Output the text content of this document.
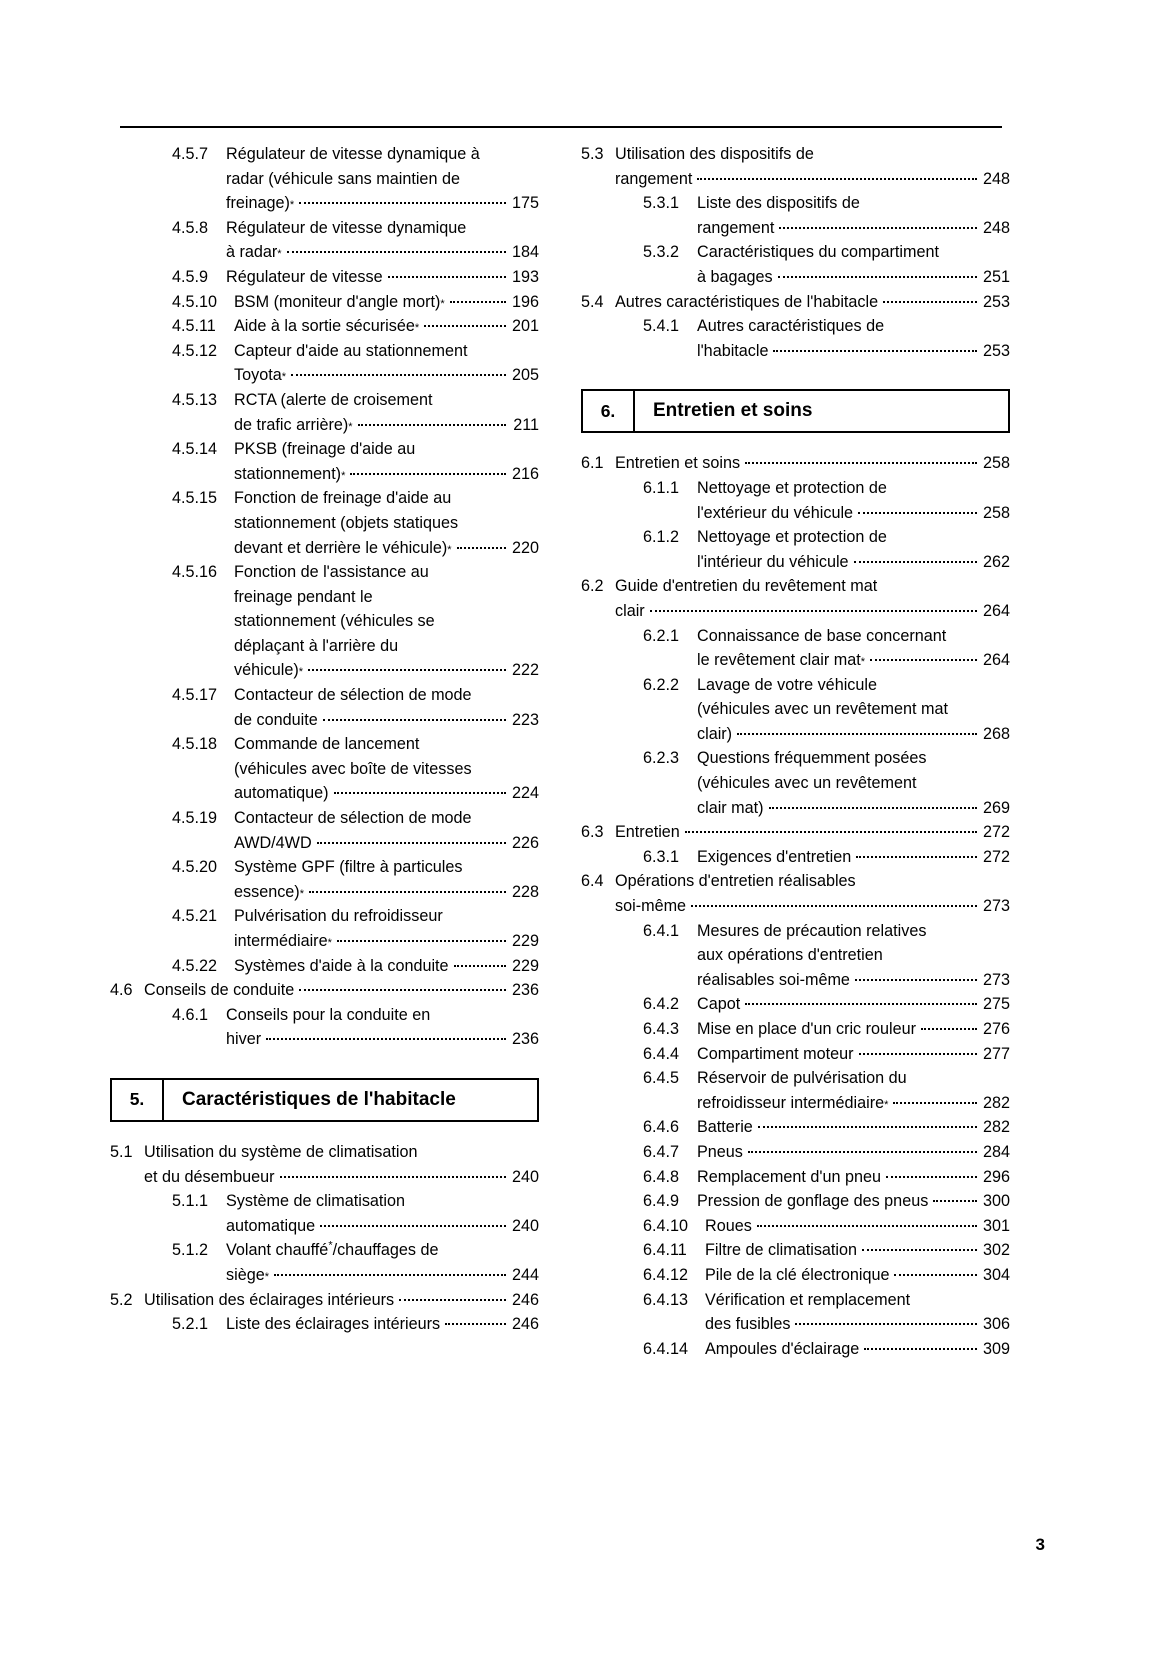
4.5.7	Régulateur de vitesse dynamique à
radar (véhicule sans maintien de
freinage) *	175
4.5.8	Régulateur de vitesse dynamique
à radar *	184
4.5.9	Régulateur de vitesse	193
4.5.10	BSM (moniteur d'angle mort) *	196
4.5.11	Aide à la sortie sécurisée *	201
4.5.12	Capteur d'aide au stationnement
Toyota *	205
4.5.13	RCTA (alerte de croisement
de trafic arrière) *	211
4.5.14	PKSB (freinage d'aide au
stationnement) *	216
4.5.15	Fonction de freinage d'aide au
stationnement (objets statiques
devant et derrière le véhicule) *	220
4.5.16	Fonction de l'assistance au
freinage pendant le
stationnement (véhicules se
déplaçant à l'arrière du
véhicule) *	222
4.5.17	Contacteur de sélection de mode
de conduite	223
4.5.18	Commande de lancement
(véhicules avec boîte de vitesses
automatique)	224
4.5.19	Contacteur de sélection de mode
AWD/4WD	226
4.5.20	Système GPF (filtre à particules
essence) *	228
4.5.21	Pulvérisation du refroidisseur
intermédiaire *	229
4.5.22	Systèmes d'aide à la conduite	229
4.6 Conseils de conduite	236
4.6.1	Conseils pour la conduite en
hiver	236
5.	Caractéristiques de l'habitacle
5.1 Utilisation du système de climatisation
et du désembueur	240
5.1.1	Système de climatisation
automatique	240
5.1.2	Volant chauffé*/chauffages de
siège *	244
5.2 Utilisation des éclairages intérieurs	246
5.2.1	Liste des éclairages intérieurs	246
5.3 Utilisation des dispositifs de
rangement	248
5.3.1	Liste des dispositifs de
rangement	248
5.3.2	Caractéristiques du compartiment
à bagages	251
5.4 Autres caractéristiques de l'habitacle	253
5.4.1	Autres caractéristiques de
l'habitacle	253
6.	Entretien et soins
6.1 Entretien et soins	258
6.1.1	Nettoyage et protection de
l'extérieur du véhicule	258
6.1.2	Nettoyage et protection de
l'intérieur du véhicule	262
6.2 Guide d'entretien du revêtement mat
clair	264
6.2.1	Connaissance de base concernant
le revêtement clair mat *	264
6.2.2	Lavage de votre véhicule
(véhicules avec un revêtement mat
clair)	268
6.2.3	Questions fréquemment posées
(véhicules avec un revêtement
clair mat)	269
6.3 Entretien	272
6.3.1	Exigences d'entretien	272
6.4 Opérations d'entretien réalisables
soi-même	273
6.4.1	Mesures de précaution relatives
aux opérations d'entretien
réalisables soi-même	273
6.4.2	Capot	275
6.4.3	Mise en place d'un cric rouleur	276
6.4.4	Compartiment moteur	277
6.4.5	Réservoir de pulvérisation du
refroidisseur intermédiaire *	282
6.4.6	Batterie	282
6.4.7	Pneus	284
6.4.8	Remplacement d'un pneu	296
6.4.9	Pression de gonflage des pneus	300
6.4.10	Roues	301
6.4.11	Filtre de climatisation	302
6.4.12	Pile de la clé électronique	304
6.4.13	Vérification et remplacement
des fusibles	306
6.4.14	Ampoules d'éclairage	309
3
